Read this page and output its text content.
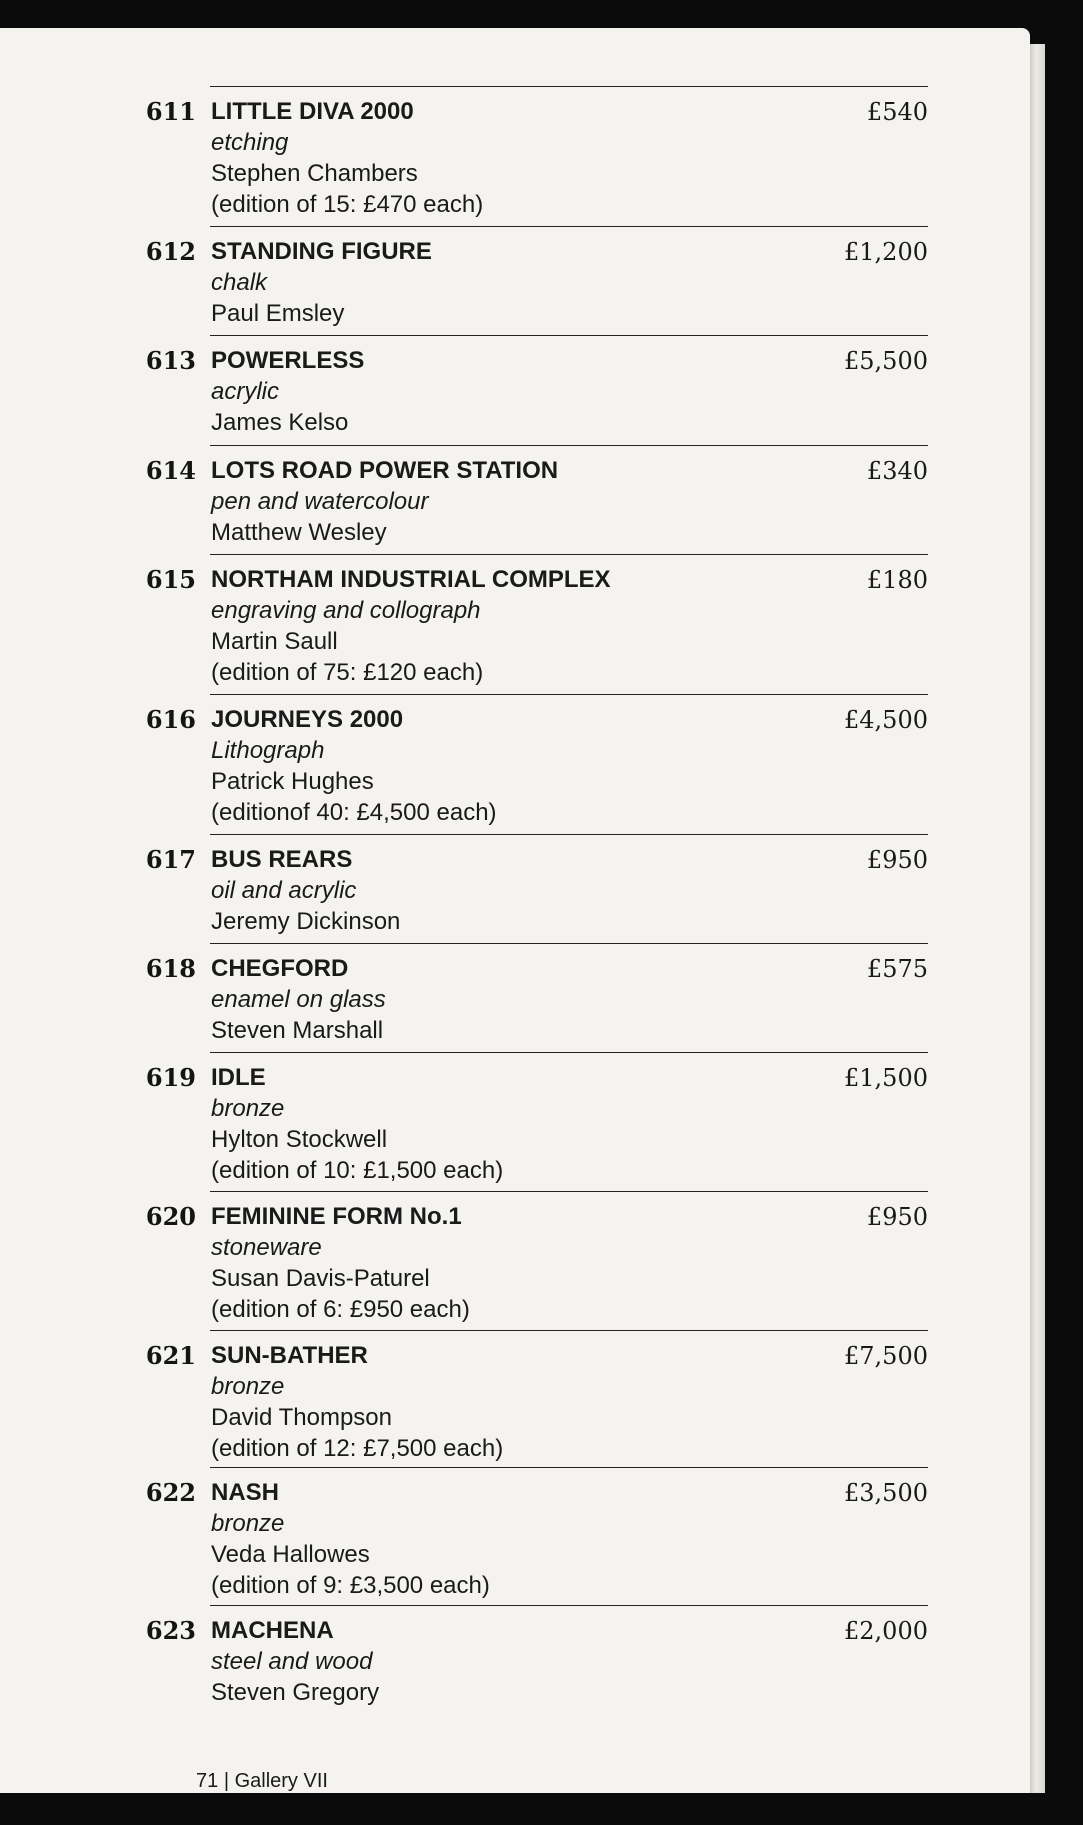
71 | Gallery VII
611 LITTLE DIVA 2000
etching
Stephen Chambers
(edition of 15: £470 each)
£540
612 STANDING FIGURE
chalk
Paul Emsley
£1,200
613 POWERLESS
acrylic
James Kelso
£5,500
614 LOTS ROAD POWER STATION
pen and watercolour
Matthew Wesley
£340
615 NORTHAM INDUSTRIAL COMPLEX
engraving and collograph
Martin Saull
(edition of 75: £120 each)
£180
616 JOURNEYS 2000
Lithograph
Patrick Hughes
(editionof 40: £4,500 each)
£4,500
617 BUS REARS
oil and acrylic
Jeremy Dickinson
£950
618 CHEGFORD
enamel on glass
Steven Marshall
£575
619 IDLE
bronze
Hylton Stockwell
(edition of 10: £1,500 each)
£1,500
620 FEMININE FORM No.1
stoneware
Susan Davis-Paturel
(edition of 6: £950 each)
£950
621 SUN-BATHER
bronze
David Thompson
(edition of 12: £7,500 each)
£7,500
622 NASH
bronze
Veda Hallowes
(edition of 9: £3,500 each)
£3,500
623 MACHENA
steel and wood
Steven Gregory
£2,000
